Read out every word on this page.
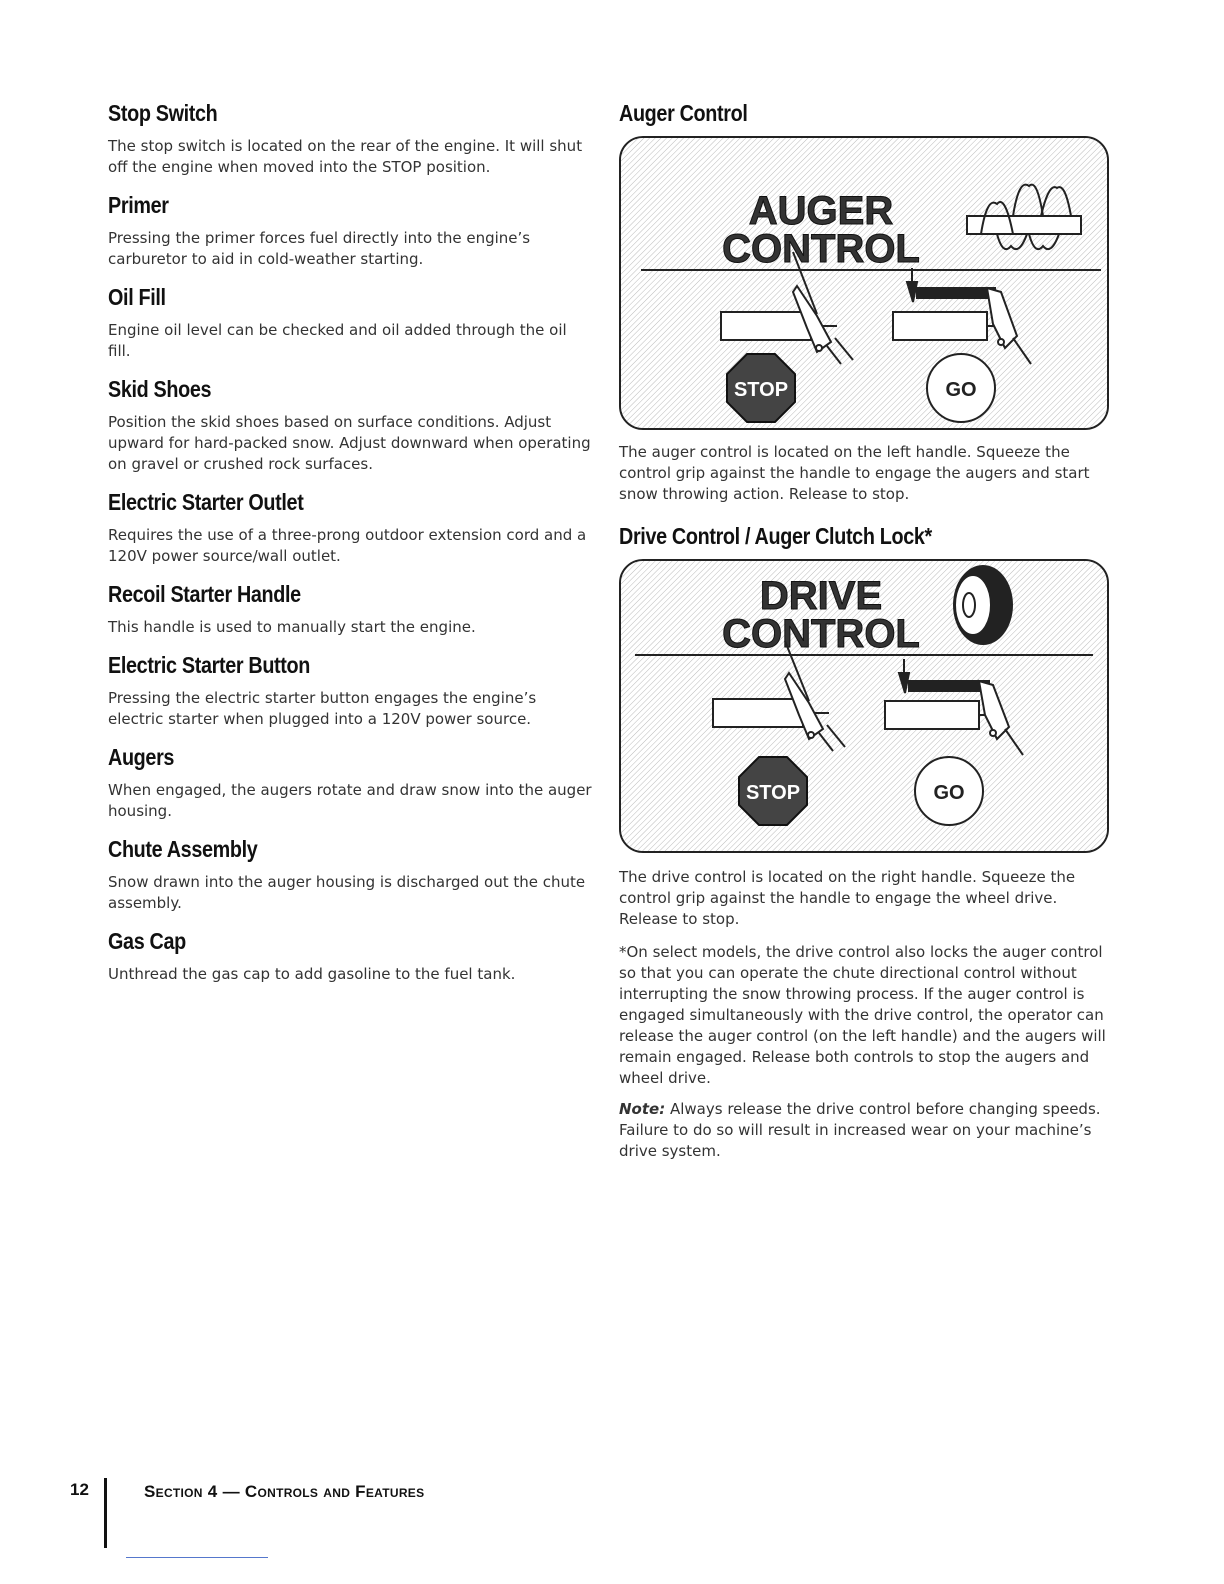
Stop Switch

The stop switch is located on the rear of the engine. It will shut off the engine when moved into the STOP position.

Primer

Pressing the primer forces fuel directly into the engine’s carburetor to aid in cold-weather starting.

Oil Fill

Engine oil level can be checked and oil added through the oil fill.

Skid Shoes

Position the skid shoes based on surface conditions. Adjust upward for hard-packed snow. Adjust downward when operating on gravel or crushed rock surfaces.

Electric Starter Outlet

Requires the use of a three-prong outdoor extension cord and a 120V power source/wall outlet.

Recoil Starter Handle

This handle is used to manually start the engine.

Electric Starter Button

Pressing the electric starter button engages the engine’s electric starter when plugged into a 120V power source.

Augers

When engaged, the augers rotate and draw snow into the auger housing.

Chute Assembly

Snow drawn into the auger housing is discharged out the chute assembly.

Gas Cap

Unthread the gas cap to add gasoline to the fuel tank.

Auger Control
AUGER
CONTROL
STOP	GO

The auger control is located on the left handle. Squeeze the control grip against the handle to engage the augers and start snow throwing action. Release to stop.

Drive Control / Auger Clutch Lock*
DRIVE
CONTROL
STOP	GO

The drive control is located on the right handle. Squeeze the control grip against the handle to engage the wheel drive. Release to stop.

*On select models, the drive control also locks the auger control so that you can operate the chute directional control without interrupting the snow throwing process. If the auger control is engaged simultaneously with the drive control, the operator can release the auger control (on the left handle) and the augers will remain engaged. Release both controls to stop the augers and wheel drive.

Note: Always release the drive control before changing speeds. Failure to do so will result in increased wear on your machine’s drive system.

12	Section 4 — Controls and Features
